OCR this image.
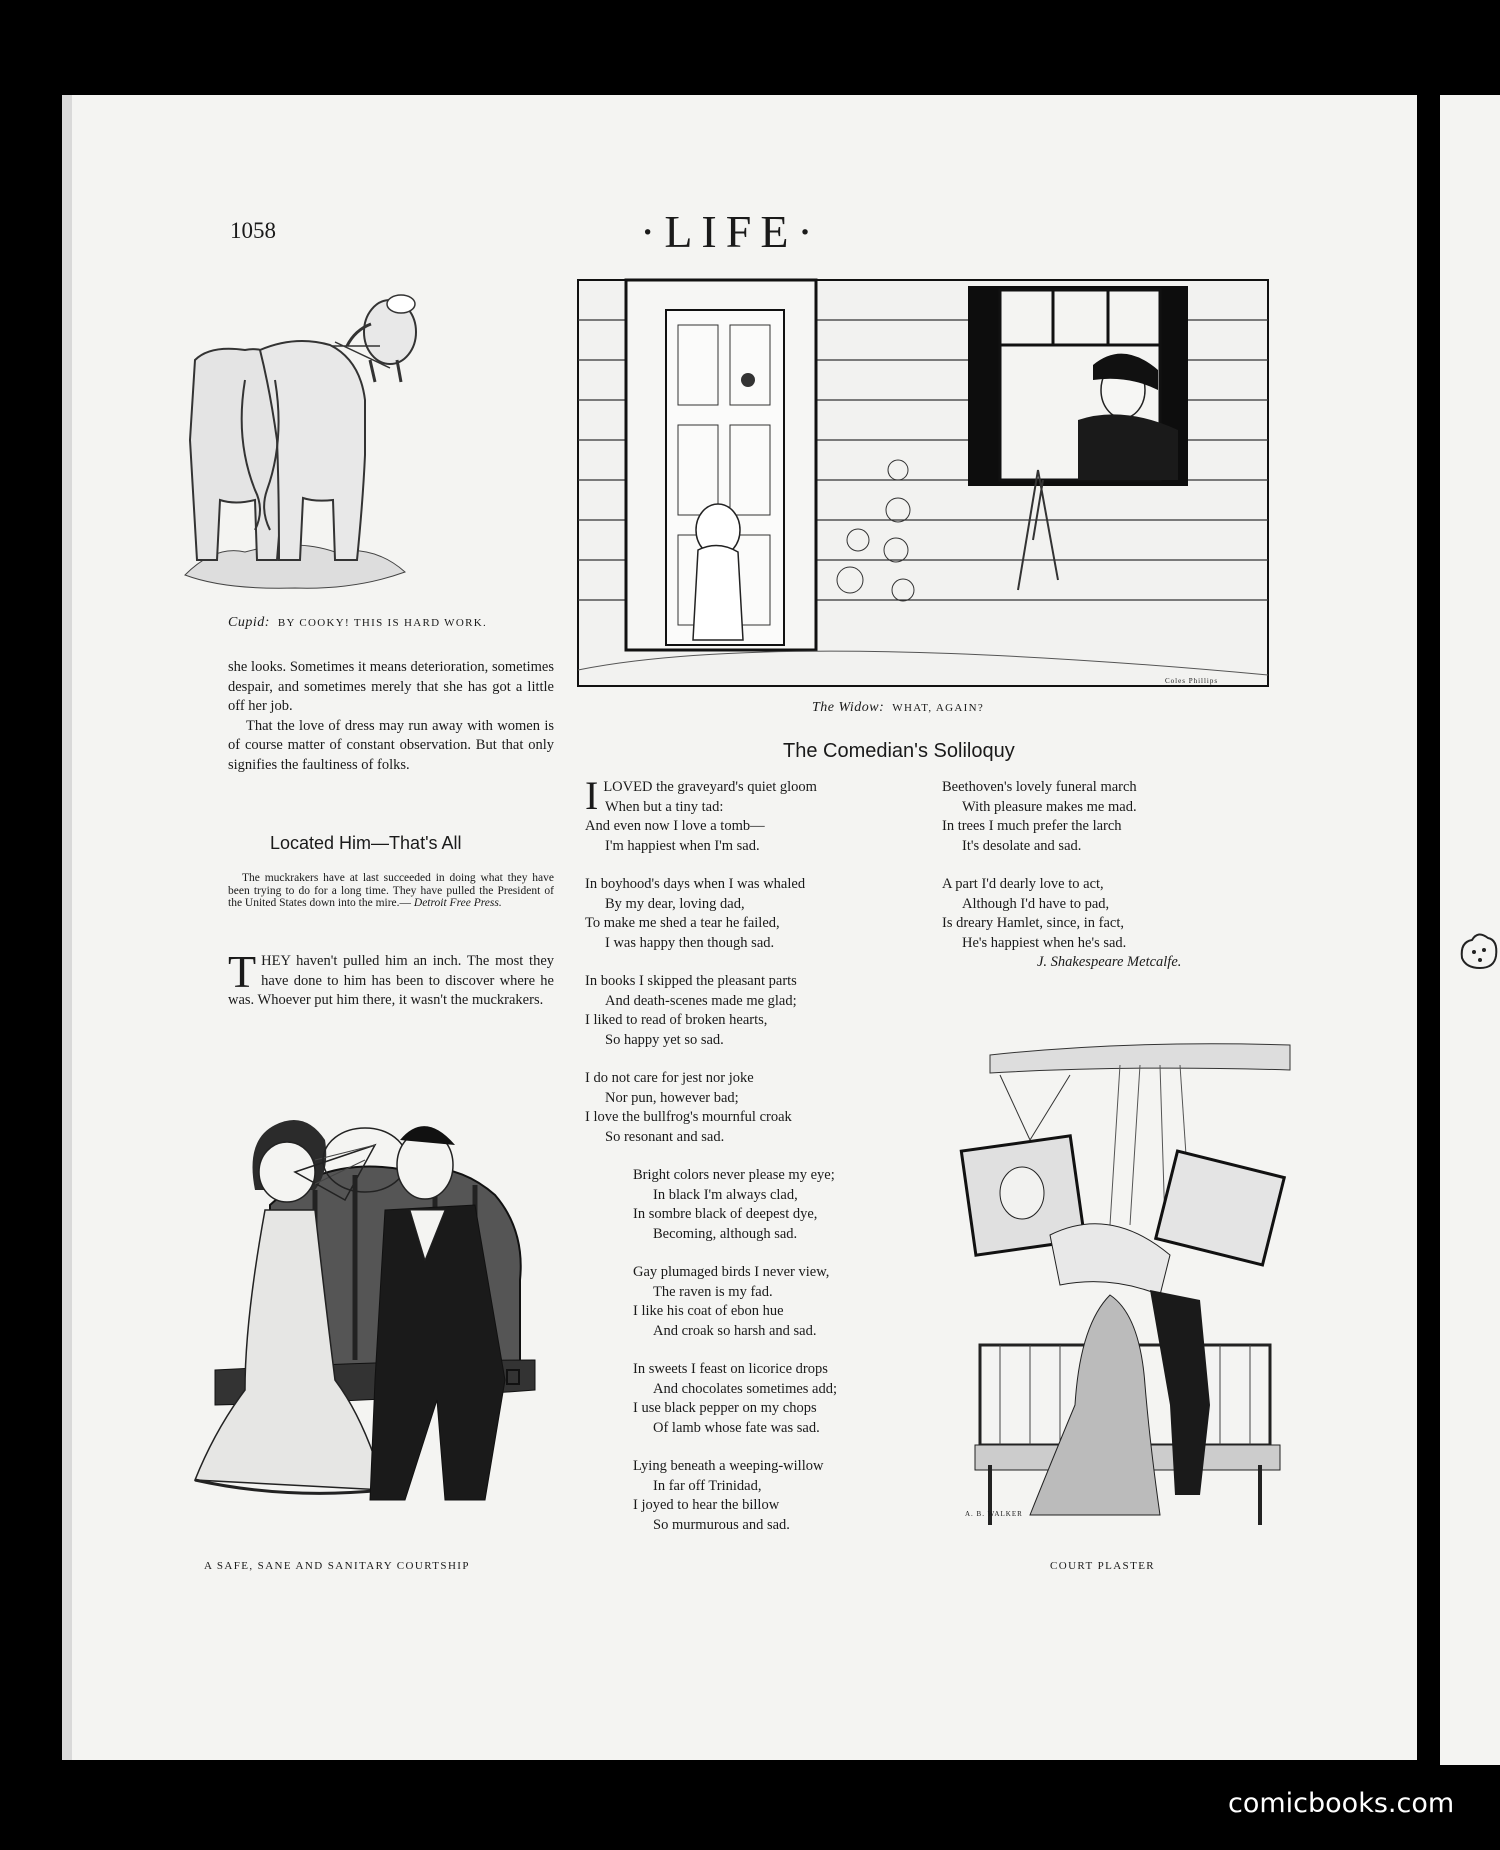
1058	·LIFE·
Cupid: BY COOKY! THIS IS HARD WORK.
Coles Phillips
The Widow: WHAT, AGAIN?

she looks. Sometimes it means deterioration, sometimes despair, and sometimes merely that she has got a little off her job.

That the love of dress may run away with women is of course matter of constant observation. But that only signifies the faultiness of folks.

Located Him—That's All
The muckrakers have at last succeeded in doing what they have been trying to do for a long time. They have pulled the President of the United States down into the mire.— Detroit Free Press.
THEY haven't pulled him an inch. The most they have done to him has been to discover where he was. Whoever put him there, it wasn't the muckrakers.
A SAFE, SANE AND SANITARY COURTSHIP
The Comedian's Soliloquy
I LOVED the graveyard's quiet gloom
When but a tiny tad:
And even now I love a tomb—
I'm happiest when I'm sad.
In boyhood's days when I was whaled
By my dear, loving dad,
To make me shed a tear he failed,
I was happy then though sad.
In books I skipped the pleasant parts
And death-scenes made me glad;
I liked to read of broken hearts,
So happy yet so sad.
I do not care for jest nor joke
Nor pun, however bad;
I love the bullfrog's mournful croak
So resonant and sad.
Bright colors never please my eye;
In black I'm always clad,
In sombre black of deepest dye,
Becoming, although sad.
Gay plumaged birds I never view,
The raven is my fad.
I like his coat of ebon hue
And croak so harsh and sad.
In sweets I feast on licorice drops
And chocolates sometimes add;
I use black pepper on my chops
Of lamb whose fate was sad.
Lying beneath a weeping-willow
In far off Trinidad,
I joyed to hear the billow
So murmurous and sad.
Beethoven's lovely funeral march
With pleasure makes me mad.
In trees I much prefer the larch
It's desolate and sad.
A part I'd dearly love to act,
Although I'd have to pad,
Is dreary Hamlet, since, in fact,
He's happiest when he's sad.
J. Shakespeare Metcalfe.
A. B. WALKER
COURT PLASTER
comicbooks.com
